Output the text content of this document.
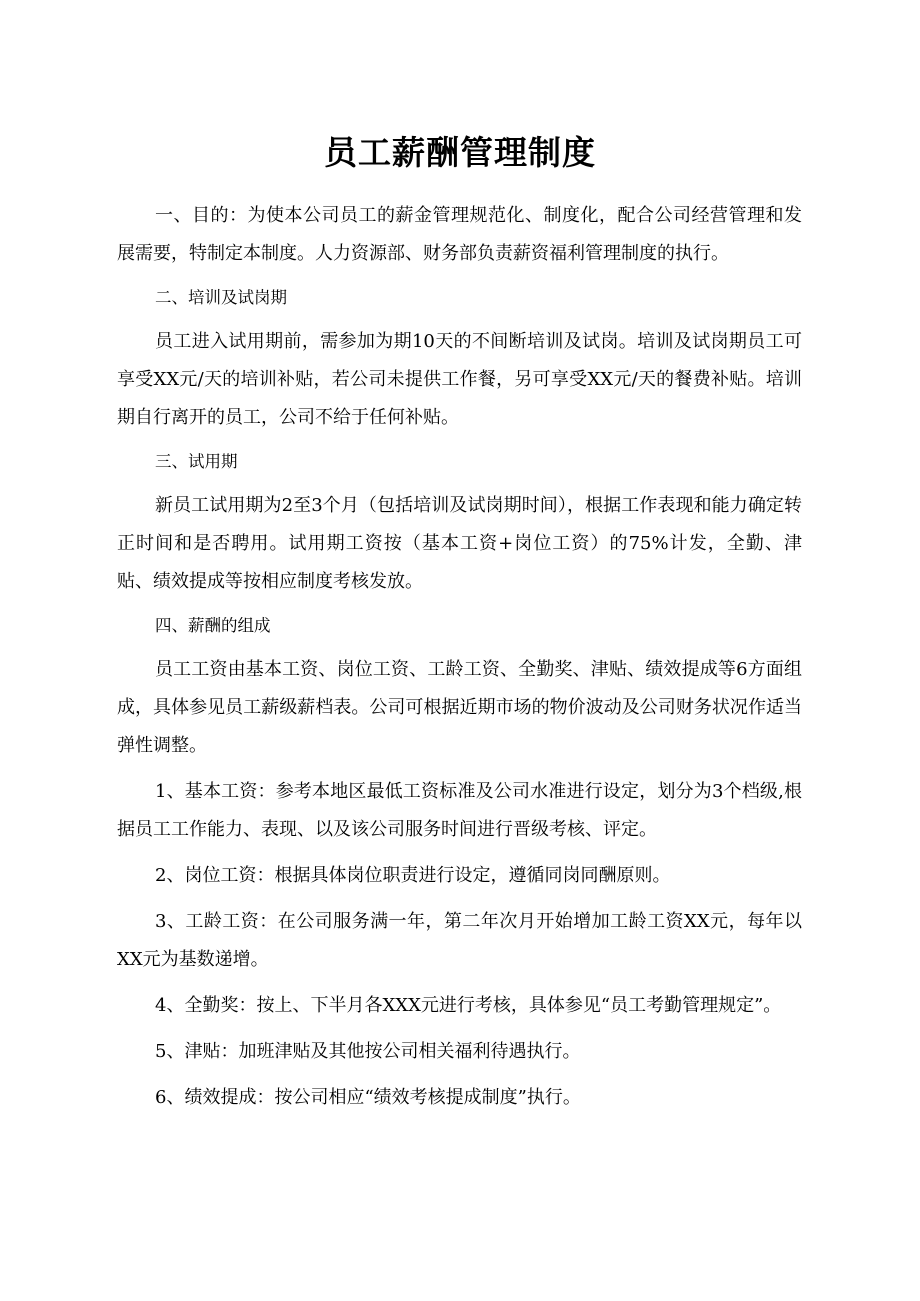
员工薪酬管理制度

一、目的：为使本公司员工的薪金管理规范化、制度化，配合公司经营管理和发展需要，特制定本制度。人力资源部、财务部负责薪资福利管理制度的执行。

二、培训及试岗期

员工进入试用期前，需参加为期10天的不间断培训及试岗。培训及试岗期员工可享受XX元/天的培训补贴，若公司未提供工作餐，另可享受XX元/天的餐费补贴。培训期自行离开的员工，公司不给于任何补贴。

三、试用期

新员工试用期为2至3个月（包括培训及试岗期时间），根据工作表现和能力确定转正时间和是否聘用。试用期工资按（基本工资+岗位工资）的75%计发，全勤、津贴、绩效提成等按相应制度考核发放。

四、薪酬的组成

员工工资由基本工资、岗位工资、工龄工资、全勤奖、津贴、绩效提成等6方面组成，具体参见员工薪级薪档表。公司可根据近期市场的物价波动及公司财务状况作适当弹性调整。

1、基本工资：参考本地区最低工资标准及公司水准进行设定，划分为3个档级,根据员工工作能力、表现、以及该公司服务时间进行晋级考核、评定。

2、岗位工资：根据具体岗位职责进行设定，遵循同岗同酬原则。

3、工龄工资：在公司服务满一年，第二年次月开始增加工龄工资XX元，每年以XX元为基数递增。

4、全勤奖：按上、下半月各XXX元进行考核，具体参见“员工考勤管理规定”。

5、津贴：加班津贴及其他按公司相关福利待遇执行。

6、绩效提成：按公司相应“绩效考核提成制度”执行。
